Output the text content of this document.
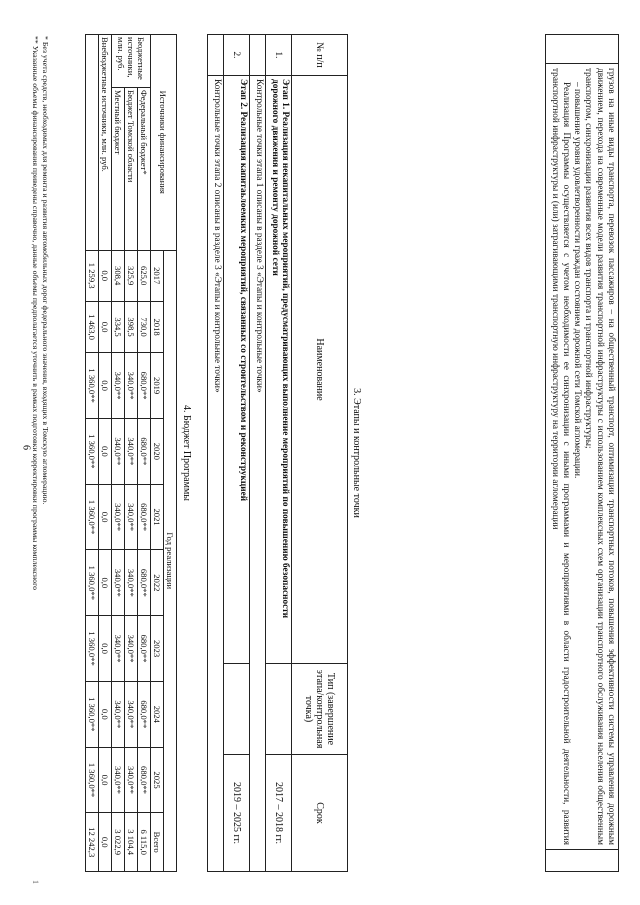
6
		грузов на иные виды транспорта, перевозок пассажиров – на общественный транспорт, оптимизации транспортных потоков, повышения эффективности системы управления дорожным движением, перехода на современные модели развития транспортной инфраструктуры с использованием комплексных схем организации транспортного обслуживания населения общественным транспортом, синхронизации развития всех видов транспорта и транспортной инфраструктуры;

– повышение уровня удовлетворенности граждан состоянием дорожной сети Томской агломерации.

Реализация Программы осуществляется с учетом необходимости ее синхронизации с иными программами и мероприятиями в области градостроительной деятельности, развития транспортной инфраструктуры и (или) затрагивающими транспортную инфраструктуру на территории агломерации

3. Этапы и контрольные точки
№ п/п	Наименование	Тип (завершение этапа/контрольная точка)	Срок
1.	Этап 1. Реализация некапитальных мероприятий, предусматривающих выполнение мероприятий по повышению безопасности дорожного движения и ремонту дорожной сети		2017 – 2018 гг.
	Контрольные точки этапа 1 описаны в разделе 3 «Этапы и контрольные точки»		
2.	Этап 2. Реализация капитаьлоемких мероприятий, связанных со строительством и реконструкцией		2019 – 2025 гг.
	Контрольные точки этапа 2 описаны в разделе 3 «Этапы и контрольные точки»		
4. Бюджет Программы
Источники финансирования		Год реализации									
		2017	2018	2019	2020	2021	2022	2023	2024	2025	Всего
Бюджетные источники, млн. руб.	Федеральный бюджет*	625,0	730,0	680,0**	680,0**	680,0**	680,0**	680,0**	680,0**	680,0**	6 115,0
	Бюджет Томской области	325,9	398,5	340,0**	340,0**	340,0**	340,0**	340,0**	340,0**	340,0**	3 104,4
	Местный бюджет	308,4	334,5	340,0**	340,0**	340,0**	340,0**	340,0**	340,0**	340,0**	3 022,9
Внебюджетные источники, млн. руб.		0,0	0,0	0,0	0,0	0,0	0,0	0,0	0,0	0,0	0,0
		1 259,3	1 463,0	1 360,0**	1 360,0**	1 360,0**	1 360,0**	1 360,0**	1 360,0**	1 360,0**	12 242,3

* Без учета средств, необходимых для ремонта и развития автомобильных дорог федерального значения, входящих в Томскую агломерацию.

** Указанные объемы финансирования приведены справочно, данные объемы предполагается уточнить в рамках подготовки корректировки программы комплексного

1
